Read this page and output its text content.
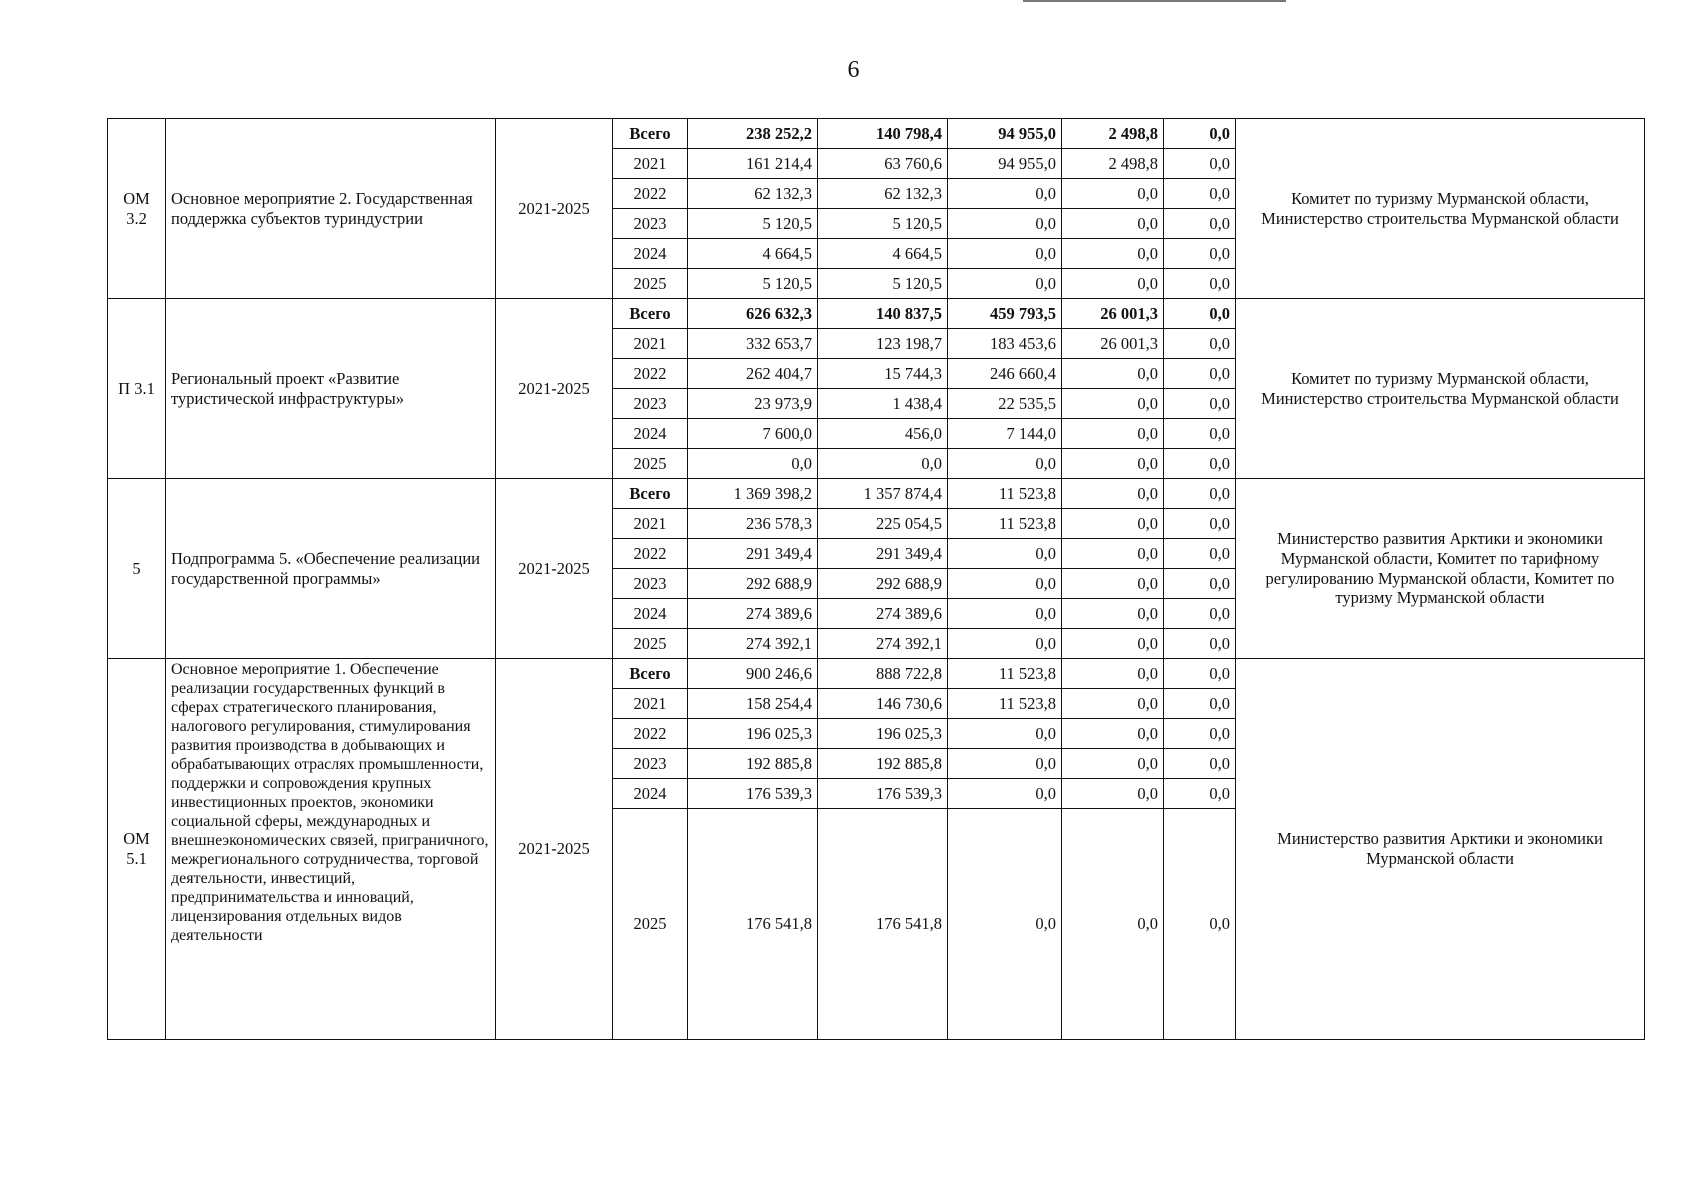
6
ОМ 3.2	Основное мероприятие 2. Государственная поддержка субъектов туриндустрии	2021-2025	Всего	238 252,2	140 798,4	94 955,0	2 498,8	0,0	Комитет по туризму Мурманской области, Министерство строительства Мурманской области
			2021	161 214,4	63 760,6	94 955,0	2 498,8	0,0	
			2022	62 132,3	62 132,3	0,0	0,0	0,0	
			2023	5 120,5	5 120,5	0,0	0,0	0,0	
			2024	4 664,5	4 664,5	0,0	0,0	0,0	
			2025	5 120,5	5 120,5	0,0	0,0	0,0	
П 3.1	Региональный проект «Развитие туристической инфраструктуры»	2021-2025	Всего	626 632,3	140 837,5	459 793,5	26 001,3	0,0	Комитет по туризму Мурманской области, Министерство строительства Мурманской области
			2021	332 653,7	123 198,7	183 453,6	26 001,3	0,0	
			2022	262 404,7	15 744,3	246 660,4	0,0	0,0	
			2023	23 973,9	1 438,4	22 535,5	0,0	0,0	
			2024	7 600,0	456,0	7 144,0	0,0	0,0	
			2025	0,0	0,0	0,0	0,0	0,0	
5	Подпрограмма 5. «Обеспечение реализации государственной программы»	2021-2025	Всего	1 369 398,2	1 357 874,4	11 523,8	0,0	0,0	Министерство развития Арктики и экономики Мурманской области, Комитет по тарифному регулированию Мурманской области, Комитет по туризму Мурманской области
			2021	236 578,3	225 054,5	11 523,8	0,0	0,0	
			2022	291 349,4	291 349,4	0,0	0,0	0,0	
			2023	292 688,9	292 688,9	0,0	0,0	0,0	
			2024	274 389,6	274 389,6	0,0	0,0	0,0	
			2025	274 392,1	274 392,1	0,0	0,0	0,0	
ОМ 5.1	Основное мероприятие 1. Обеспечение реализации государственных функций в сферах стратегического планирования, налогового регулирования, стимулирования развития производства в добывающих и обрабатывающих отраслях промышленности, поддержки и сопровождения крупных инвестиционных проектов, экономики социальной сферы, международных и внешнеэкономических связей, приграничного, межрегионального сотрудничества, торговой деятельности, инвестиций, предпринимательства и инноваций, лицензирования отдельных видов деятельности	2021-2025	Всего	900 246,6	888 722,8	11 523,8	0,0	0,0	Министерство развития Арктики и экономики Мурманской области
			2021	158 254,4	146 730,6	11 523,8	0,0	0,0	
			2022	196 025,3	196 025,3	0,0	0,0	0,0	
			2023	192 885,8	192 885,8	0,0	0,0	0,0	
			2024	176 539,3	176 539,3	0,0	0,0	0,0	
			2025	176 541,8	176 541,8	0,0	0,0	0,0	
